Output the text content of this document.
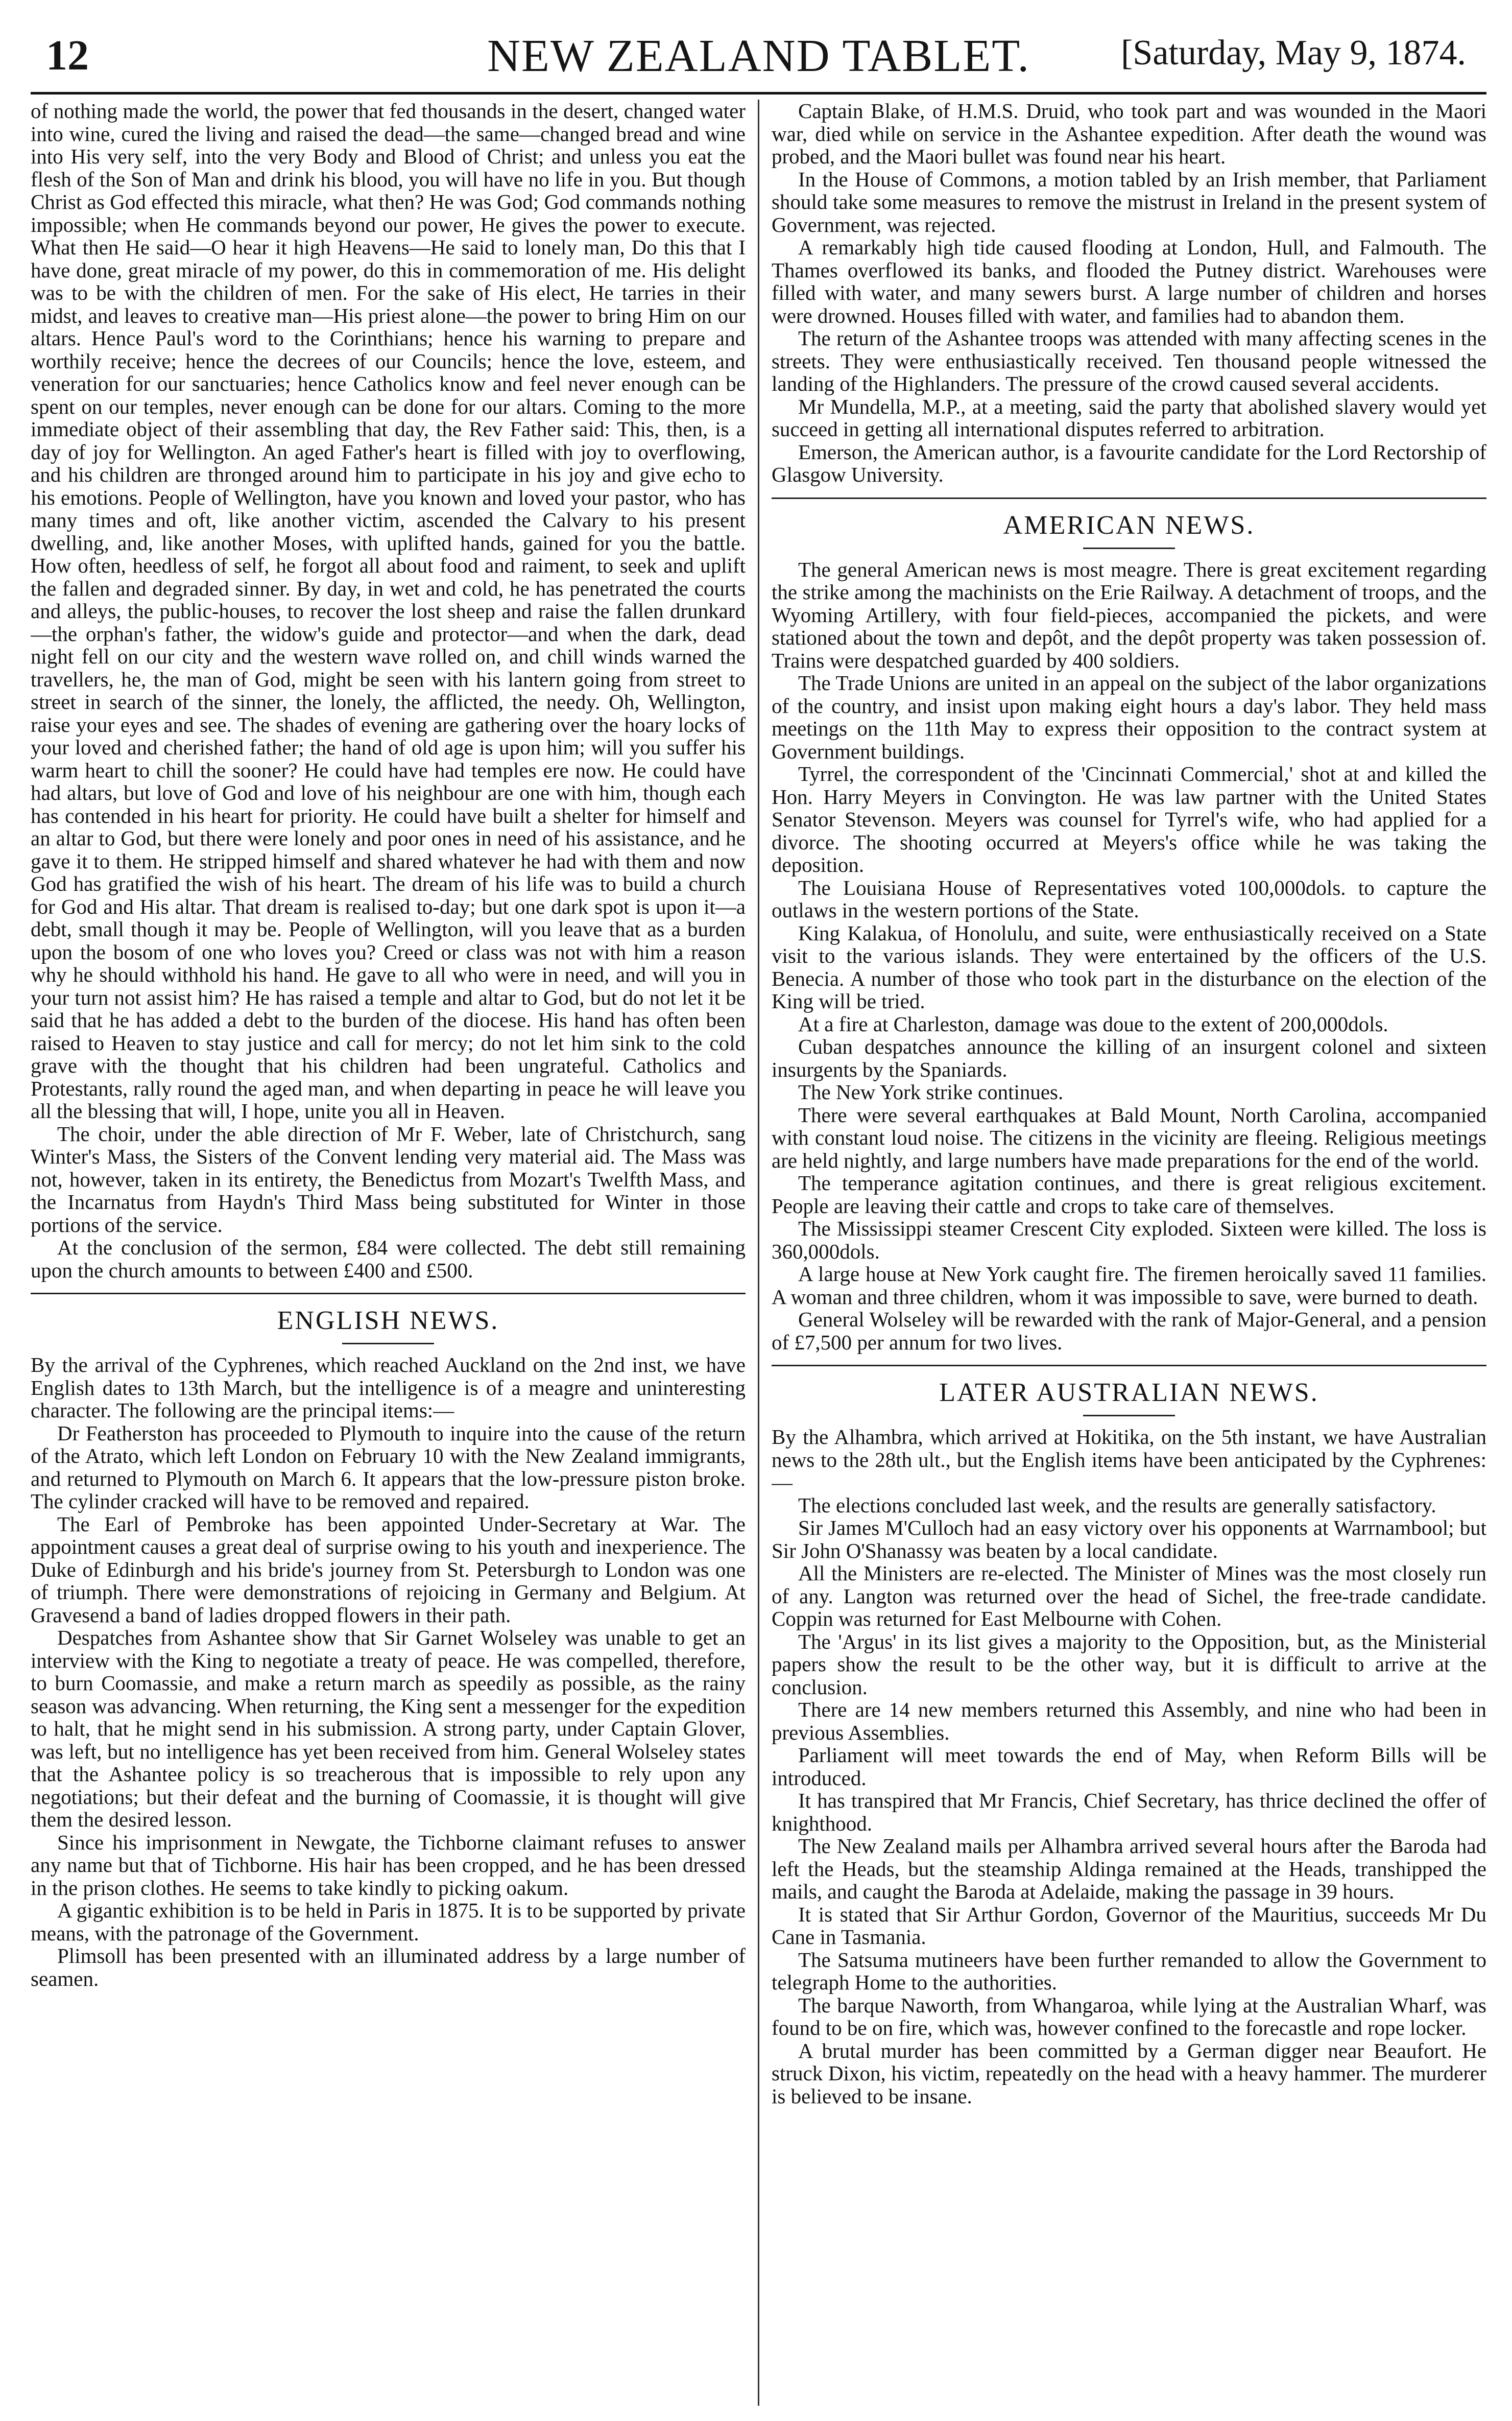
12	NEW ZEALAND TABLET.	[Saturday, May 9, 1874.

of nothing made the world, the power that fed thousands in the desert, changed water into wine, cured the living and raised the dead—the same—changed bread and wine into His very self, into the very Body and Blood of Christ; and unless you eat the flesh of the Son of Man and drink his blood, you will have no life in you. But though Christ as God effected this miracle, what then? He was God; God commands nothing impossible; when He commands beyond our power, He gives the power to execute. What then He said—O hear it high Heavens—He said to lonely man, Do this that I have done, great miracle of my power, do this in commemoration of me. His delight was to be with the children of men. For the sake of His elect, He tarries in their midst, and leaves to creative man—His priest alone—the power to bring Him on our altars. Hence Paul's word to the Corinthians; hence his warning to prepare and worthily receive; hence the decrees of our Councils; hence the love, esteem, and veneration for our sanctuaries; hence Catholics know and feel never enough can be spent on our temples, never enough can be done for our altars. Coming to the more immediate object of their assembling that day, the Rev Father said: This, then, is a day of joy for Wellington. An aged Father's heart is filled with joy to overflowing, and his children are thronged around him to participate in his joy and give echo to his emotions. People of Wellington, have you known and loved your pastor, who has many times and oft, like another victim, ascended the Calvary to his present dwelling, and, like another Moses, with uplifted hands, gained for you the battle. How often, heedless of self, he forgot all about food and raiment, to seek and uplift the fallen and degraded sinner. By day, in wet and cold, he has penetrated the courts and alleys, the public-houses, to recover the lost sheep and raise the fallen drunkard—the orphan's father, the widow's guide and protector—and when the dark, dead night fell on our city and the western wave rolled on, and chill winds warned the travellers, he, the man of God, might be seen with his lantern going from street to street in search of the sinner, the lonely, the afflicted, the needy. Oh, Wellington, raise your eyes and see. The shades of evening are gathering over the hoary locks of your loved and cherished father; the hand of old age is upon him; will you suffer his warm heart to chill the sooner? He could have had temples ere now. He could have had altars, but love of God and love of his neighbour are one with him, though each has contended in his heart for priority. He could have built a shelter for himself and an altar to God, but there were lonely and poor ones in need of his assistance, and he gave it to them. He stripped himself and shared whatever he had with them and now God has gratified the wish of his heart. The dream of his life was to build a church for God and His altar. That dream is realised to-day; but one dark spot is upon it—a debt, small though it may be. People of Wellington, will you leave that as a burden upon the bosom of one who loves you? Creed or class was not with him a reason why he should withhold his hand. He gave to all who were in need, and will you in your turn not assist him? He has raised a temple and altar to God, but do not let it be said that he has added a debt to the burden of the diocese. His hand has often been raised to Heaven to stay justice and call for mercy; do not let him sink to the cold grave with the thought that his children had been ungrateful. Catholics and Protestants, rally round the aged man, and when departing in peace he will leave you all the blessing that will, I hope, unite you all in Heaven.

The choir, under the able direction of Mr F. Weber, late of Christchurch, sang Winter's Mass, the Sisters of the Convent lending very material aid. The Mass was not, however, taken in its entirety, the Benedictus from Mozart's Twelfth Mass, and the Incarnatus from Haydn's Third Mass being substituted for Winter in those portions of the service.

At the conclusion of the sermon, £84 were collected. The debt still remaining upon the church amounts to between £400 and £500.

ENGLISH NEWS.

By the arrival of the Cyphrenes, which reached Auckland on the 2nd inst, we have English dates to 13th March, but the intelligence is of a meagre and uninteresting character. The following are the principal items:—

Dr Featherston has proceeded to Plymouth to inquire into the cause of the return of the Atrato, which left London on February 10 with the New Zealand immigrants, and returned to Plymouth on March 6. It appears that the low-pressure piston broke. The cylinder cracked will have to be removed and repaired.

The Earl of Pembroke has been appointed Under-Secretary at War. The appointment causes a great deal of surprise owing to his youth and inexperience. The Duke of Edinburgh and his bride's journey from St. Petersburgh to London was one of triumph. There were demonstrations of rejoicing in Germany and Belgium. At Gravesend a band of ladies dropped flowers in their path.

Despatches from Ashantee show that Sir Garnet Wolseley was unable to get an interview with the King to negotiate a treaty of peace. He was compelled, therefore, to burn Coomassie, and make a return march as speedily as possible, as the rainy season was advancing. When returning, the King sent a messenger for the expedition to halt, that he might send in his submission. A strong party, under Captain Glover, was left, but no intelligence has yet been received from him. General Wolseley states that the Ashantee policy is so treacherous that is impossible to rely upon any negotiations; but their defeat and the burning of Coomassie, it is thought will give them the desired lesson.

Since his imprisonment in Newgate, the Tichborne claimant refuses to answer any name but that of Tichborne. His hair has been cropped, and he has been dressed in the prison clothes. He seems to take kindly to picking oakum.

A gigantic exhibition is to be held in Paris in 1875. It is to be supported by private means, with the patronage of the Government.

Plimsoll has been presented with an illuminated address by a large number of seamen.

Captain Blake, of H.M.S. Druid, who took part and was wounded in the Maori war, died while on service in the Ashantee expedition. After death the wound was probed, and the Maori bullet was found near his heart.

In the House of Commons, a motion tabled by an Irish member, that Parliament should take some measures to remove the mistrust in Ireland in the present system of Government, was rejected.

A remarkably high tide caused flooding at London, Hull, and Falmouth. The Thames overflowed its banks, and flooded the Putney district. Warehouses were filled with water, and many sewers burst. A large number of children and horses were drowned. Houses filled with water, and families had to abandon them.

The return of the Ashantee troops was attended with many affecting scenes in the streets. They were enthusiastically received. Ten thousand people witnessed the landing of the Highlanders. The pressure of the crowd caused several accidents.

Mr Mundella, M.P., at a meeting, said the party that abolished slavery would yet succeed in getting all international disputes referred to arbitration.

Emerson, the American author, is a favourite candidate for the Lord Rectorship of Glasgow University.

AMERICAN NEWS.

The general American news is most meagre. There is great excitement regarding the strike among the machinists on the Erie Railway. A detachment of troops, and the Wyoming Artillery, with four field-pieces, accompanied the pickets, and were stationed about the town and depôt, and the depôt property was taken possession of. Trains were despatched guarded by 400 soldiers.

The Trade Unions are united in an appeal on the subject of the labor organizations of the country, and insist upon making eight hours a day's labor. They held mass meetings on the 11th May to express their opposition to the contract system at Government buildings.

Tyrrel, the correspondent of the 'Cincinnati Commercial,' shot at and killed the Hon. Harry Meyers in Convington. He was law partner with the United States Senator Stevenson. Meyers was counsel for Tyrrel's wife, who had applied for a divorce. The shooting occurred at Meyers's office while he was taking the deposition.

The Louisiana House of Representatives voted 100,000dols. to capture the outlaws in the western portions of the State.

King Kalakua, of Honolulu, and suite, were enthusiastically received on a State visit to the various islands. They were entertained by the officers of the U.S. Benecia. A number of those who took part in the disturbance on the election of the King will be tried.

At a fire at Charleston, damage was doue to the extent of 200,000dols.

Cuban despatches announce the killing of an insurgent colonel and sixteen insurgents by the Spaniards.

The New York strike continues.

There were several earthquakes at Bald Mount, North Carolina, accompanied with constant loud noise. The citizens in the vicinity are fleeing. Religious meetings are held nightly, and large numbers have made preparations for the end of the world.

The temperance agitation continues, and there is great religious excitement. People are leaving their cattle and crops to take care of themselves.

The Mississippi steamer Crescent City exploded. Sixteen were killed. The loss is 360,000dols.

A large house at New York caught fire. The firemen heroically saved 11 families. A woman and three children, whom it was impossible to save, were burned to death.

General Wolseley will be rewarded with the rank of Major-General, and a pension of £7,500 per annum for two lives.

LATER AUSTRALIAN NEWS.

By the Alhambra, which arrived at Hokitika, on the 5th instant, we have Australian news to the 28th ult., but the English items have been anticipated by the Cyphrenes:—

The elections concluded last week, and the results are generally satisfactory.

Sir James M'Culloch had an easy victory over his opponents at Warrnambool; but Sir John O'Shanassy was beaten by a local candidate.

All the Ministers are re-elected. The Minister of Mines was the most closely run of any. Langton was returned over the head of Sichel, the free-trade candidate. Coppin was returned for East Melbourne with Cohen.

The 'Argus' in its list gives a majority to the Opposition, but, as the Ministerial papers show the result to be the other way, but it is difficult to arrive at the conclusion.

There are 14 new members returned this Assembly, and nine who had been in previous Assemblies.

Parliament will meet towards the end of May, when Reform Bills will be introduced.

It has transpired that Mr Francis, Chief Secretary, has thrice declined the offer of knighthood.

The New Zealand mails per Alhambra arrived several hours after the Baroda had left the Heads, but the steamship Aldinga remained at the Heads, transhipped the mails, and caught the Baroda at Adelaide, making the passage in 39 hours.

It is stated that Sir Arthur Gordon, Governor of the Mauritius, succeeds Mr Du Cane in Tasmania.

The Satsuma mutineers have been further remanded to allow the Government to telegraph Home to the authorities.

The barque Naworth, from Whangaroa, while lying at the Australian Wharf, was found to be on fire, which was, however confined to the forecastle and rope locker.

A brutal murder has been committed by a German digger near Beaufort. He struck Dixon, his victim, repeatedly on the head with a heavy hammer. The murderer is believed to be insane.
